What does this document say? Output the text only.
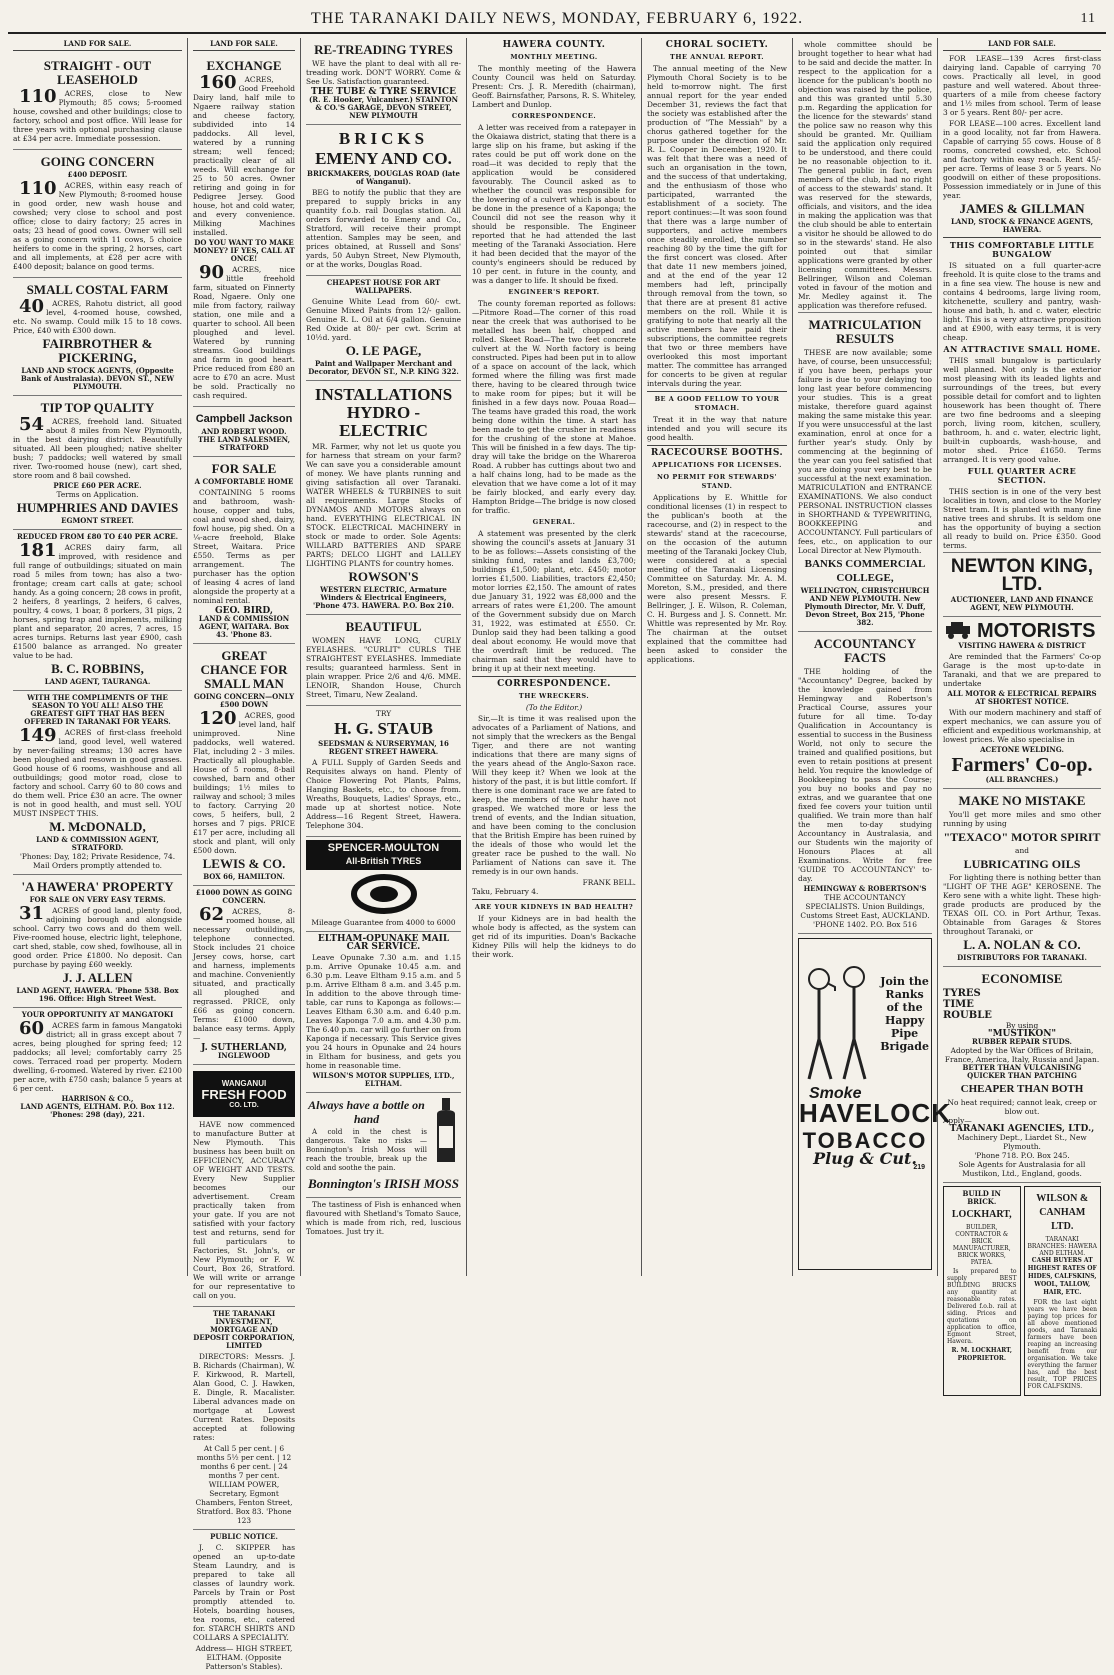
THE TARANAKI DAILY NEWS, MONDAY, FEBRUARY 6, 1922.	11
LAND FOR SALE.
STRAIGHT - OUT LEASEHOLD
110 ACRES, close to New Plymouth; 85 cows; 5-roomed house, cowshed and other buildings; close to factory, school and post office. Will lease for three years with optional purchasing clause at £34 per acre. Immediate possession.
GOING CONCERN
£400 DEPOSIT.
110 ACRES, within easy reach of New Plymouth; 8-roomed house in good order, new wash house and cowshed; very close to school and post office; close to dairy factory; 25 acres in oats; 23 head of good cows. Owner will sell as a going concern with 11 cows, 5 choice heifers to come in the spring, 2 horses, cart and all implements, at £28 per acre with £400 deposit; balance on good terms.
SMALL COSTAL FARM
40 ACRES, Rahotu district, all good level, 4-roomed house, cowshed, etc. No swamp. Could milk 15 to 18 cows. Price, £40 with £300 down.
FAIRBROTHER & PICKERING,
LAND AND STOCK AGENTS, (Opposite Bank of Australasia). DEVON ST., NEW PLYMOUTH.
TIP TOP QUALITY
54 ACRES, freehold land. Situated about 8 miles from New Plymouth, in the best dairying district. Beautifully situated. All been ploughed; native shelter bush; 7 paddocks; well watered by small river. Two-roomed house (new), cart shed, store room and 8 bail cowshed.
PRICE £60 PER ACRE.
Terms on Application.
HUMPHRIES AND DAVIES
EGMONT STREET.
REDUCED FROM £80 TO £40 PER ACRE.
181 ACRES dairy farm, all improved, with residence and full range of outbuildings; situated on main road 5 miles from town; has also a two-frontage; cream cart calls at gate; school handy. As a going concern; 28 cows in profit, 2 heifers, 8 yearlings, 2 heifers, 6 calves, poultry, 4 cows, 1 boar, 8 porkers, 31 pigs, 2 horses, spring trap and implements, milking plant and separator, 20 acres, 7 acres, 15 acres turnips. Returns last year £900, cash £1500 balance as arranged. No greater value to be had.
B. C. ROBBINS,
LAND AGENT, TAURANGA.
WITH THE COMPLIMENTS OF THE SEASON TO YOU ALL! ALSO THE GREATEST GIFT THAT HAS BEEN OFFERED IN TARANAKI FOR YEARS.
149 ACRES of first-class freehold land, good level, well watered by never-failing streams; 130 acres have been ploughed and resown in good grasses. Good house of 6 rooms, washhouse and all outbuildings; good motor road, close to factory and school. Carry 60 to 80 cows and do them well. Price £30 an acre. The owner is not in good health, and must sell. YOU MUST INSPECT THIS.
M. McDONALD,
LAND & COMMISSION AGENT, STRATFORD.
'Phones: Day, 182; Private Residence, 74. Mail Orders promptly attended to.
'A HAWERA' PROPERTY
FOR SALE ON VERY EASY TERMS.
31 ACRES of good land, plenty food, adjoining borough and alongside school. Carry two cows and do them well. Five-roomed house, electric light, telephone, cart shed, stable, cow shed, fowlhouse, all in good order. Price £1800. No deposit. Can purchase by paying £60 weekly.
J. J. ALLEN
LAND AGENT, HAWERA. 'Phone 538. Box 196. Office: High Street West.
YOUR OPPORTUNITY AT MANGATOKI
60 ACRES farm in famous Mangatoki district; all in grass except about 7 acres, being ploughed for spring feed; 12 paddocks; all level; comfortably carry 25 cows. Terraced road per property. Modern dwelling, 6-roomed. Watered by river. £2100 per acre, with £750 cash; balance 5 years at 6 per cent.
HARRISON & CO.,
LAND AGENTS, ELTHAM. P.O. Box 112. 'Phones: 298 (day), 221.
LAND FOR SALE.
EXCHANGE
160 ACRES, Good Freehold Dairy land, half mile to Ngaere railway station and cheese factory, subdivided into 14 paddocks. All level, watered by a running stream; well fenced; practically clear of all weeds. Will exchange for 25 to 50 acres. Owner retiring and going in for Pedigree Jersey. Good house, hot and cold water, and every convenience. Milking Machines installed.
DO YOU WANT TO MAKE MONEY? IF YES, CALL AT ONCE!
90 ACRES, nice little freehold farm, situated on Finnerty Road, Ngaere. Only one mile from factory, railway station, one mile and a quarter to school. All been ploughed and level. Watered by running streams. Good buildings and farm in good heart. Price reduced from £80 an acre to £70 an acre. Must be sold. Practically no cash required.
Campbell Jackson
AND ROBERT WOOD. THE LAND SALESMEN, STRATFORD
FOR SALE
A COMFORTABLE HOME
CONTAINING 5 rooms and bathroom, wash-house, copper and tubs, coal and wood shed, dairy, fowl house, pig shed. On a ¼-acre freehold, Blake Street, Waitara. Price £550. Terms as per arrangement. The purchaser has the option of leasing 4 acres of land alongside the property at a nominal rental.
GEO. BIRD,
LAND & COMMISSION AGENT, WAITARA. Box 43. 'Phone 83.
GREAT CHANCE FOR SMALL MAN
GOING CONCERN—ONLY £500 DOWN
120 ACRES, good level land, half unimproved. Nine paddocks, well watered. Flat, including 2 - 3 miles. Practically all ploughable. House of 5 rooms, 8-bail cowshed, barn and other buildings; 1½ miles to railway and school; 3 miles to factory. Carrying 20 cows, 5 heifers, bull, 2 horses and 7 pigs. PRICE £17 per acre, including all stock and plant, will only £500 down.
LEWIS & CO.
BOX 66, HAMILTON.
£1000 DOWN AS GOING CONCERN.
62 ACRES, 8-roomed house, all necessary outbuildings, telephone connected. Stock includes 21 choice Jersey cows, horse, cart and harness, implements and machine. Conveniently situated, and practically all ploughed and regrassed. PRICE, only £66 as going concern. Terms: £1000 down, balance easy terms. Apply—
J. SUTHERLAND,
INGLEWOOD
WANGANUI
FRESH FOOD
CO. LTD.
HAVE now commenced to manufacture Butter at New Plymouth. This business has been built on EFFICIENCY, ACCURACY OF WEIGHT AND TESTS. Every New Supplier becomes our advertisement. Cream practically taken from your gate. If you are not satisfied with your factory test and returns, send for full particulars to Factories, St. John's, or New Plymouth; or F. W. Court, Box 26, Stratford. We will write or arrange for our representative to call on you.
THE TARANAKI INVESTMENT, MORTGAGE AND DEPOSIT CORPORATION, LIMITED
DIRECTORS: Messrs. J. B. Richards (Chairman), W. F. Kirkwood, R. Martell, Alan Good, C. J. Hawken, E. Dingle, R. Macalister. Liberal advances made on mortgage at Lowest Current Rates. Deposits accepted at following rates:
At Call 5 per cent. | 6 months 5½ per cent. | 12 months 6 per cent. | 24 months 7 per cent.
WILLIAM POWER, Secretary, Egmont Chambers, Fenton Street, Stratford. Box 83. 'Phone 123
PUBLIC NOTICE.
J. C. SKIPPER has opened an up-to-date Steam Laundry, and is prepared to take all classes of laundry work. Parcels by Train or Post promptly attended to. Hotels, boarding houses, tea rooms, etc., catered for. STARCH SHIRTS AND COLLARS A SPECIALITY.
Address— HIGH STREET, ELTHAM. (Opposite Patterson's Stables).
RE-TREADING TYRES
WE have the plant to deal with all re-treading work. DON'T WORRY. Come & See Us. Satisfaction guaranteed.
THE TUBE & TYRE SERVICE
(R. E. Hooker, Vulcaniser.) STAINTON & CO.'S GARAGE, DEVON STREET, NEW PLYMOUTH
BRICKS
EMENY AND CO.
BRICKMAKERS, DOUGLAS ROAD (late of Wanganui).
BEG to notify the public that they are prepared to supply bricks in any quantity f.o.b. rail Douglas station. All orders forwarded to Emeny and Co., Stratford, will receive their prompt attention. Samples may be seen, and prices obtained, at Russell and Sons' yards, 50 Aubyn Street, New Plymouth, or at the works, Douglas Road.
CHEAPEST HOUSE FOR ART WALLPAPERS.
Genuine White Lead from 60/- cwt. Genuine Mixed Paints from 12/- gallon. Genuine R. L. Oil at 6/4 gallon. Genuine Red Oxide at 80/- per cwt. Scrim at 10½d. yard.
O. LE PAGE,
Paint and Wallpaper Merchant and Decorator, DEVON ST., N.P. KING 322.
INSTALLATIONS HYDRO - ELECTRIC
MR. Farmer, why not let us quote you for harness that stream on your farm? We can save you a considerable amount of money. We have plants running and giving satisfaction all over Taranaki. WATER WHEELS & TURBINES to suit all requirements. Large Stocks of DYNAMOS AND MOTORS always on hand. EVERYTHING ELECTRICAL IN STOCK. ELECTRICAL MACHINERY in stock or made to order. Sole Agents: WILLARD BATTERIES AND SPARE PARTS; DELCO LIGHT and LALLEY LIGHTING PLANTS for country homes.
ROWSON'S
WESTERN ELECTRIC, Armature Winders & Electrical Engineers, 'Phone 473. HAWERA. P.O. Box 210.
BEAUTIFUL
WOMEN HAVE LONG, CURLY EYELASHES. "CURLIT" CURLS THE STRAIGHTEST EYELASHES. Immediate results; guaranteed harmless. Sent in plain wrapper. Price 2/6 and 4/6. MME. LENOIR, Shandon House, Church Street, Timaru, New Zealand.
TRY
H. G. STAUB
SEEDSMAN & NURSERYMAN, 16 REGENT STREET HAWERA.
A FULL Supply of Garden Seeds and Requisites always on hand. Plenty of Choice Flowering Pot Plants, Palms, Hanging Baskets, etc., to choose from. Wreaths, Bouquets, Ladies' Sprays, etc., made up at shortest notice. Note Address—16 Regent Street, Hawera. Telephone 304.
SPENCER-MOULTON
All-British TYRES
Mileage Guarantee from 4000 to 6000
ELTHAM-OPUNAKE MAIL CAR SERVICE.
Leave Opunake 7.30 a.m. and 1.15 p.m. Arrive Opunake 10.45 a.m. and 6.30 p.m. Leave Eltham 9.15 a.m. and 5 p.m. Arrive Eltham 8 a.m. and 3.45 p.m. In addition to the above through time-table, car runs to Kaponga as follows:— Leaves Eltham 6.30 a.m. and 6.40 p.m. Leaves Kaponga 7.0 a.m. and 4.30 p.m. The 6.40 p.m. car will go further on from Kaponga if necessary. This Service gives you 24 hours in Opunake and 24 hours in Eltham for business, and gets you home in reasonable time.
WILSON'S MOTOR SUPPLIES, LTD., ELTHAM.
Always have a bottle on hand
A cold in the chest is dangerous. Take no risks — Bonnington's Irish Moss will reach the trouble, break up the cold and soothe the pain.
Bonnington's IRISH MOSS
The tastiness of Fish is enhanced when flavoured with Shetland's Tomato Sauce, which is made from rich, red, luscious Tomatoes. Just try it.
HAWERA COUNTY.
MONTHLY MEETING.
The monthly meeting of the Hawera County Council was held on Saturday. Present: Crs. J. R. Meredith (chairman), Geoff. Bairnsfather, Parsons, R. S. Whiteley, Lambert and Dunlop.
CORRESPONDENCE.
A letter was received from a ratepayer in the Okaiawa district, stating that there is a large slip on his frame, but asking if the rates could be put off work done on the road—it was decided to reply that the application would be considered favourably. The Council asked as to whether the council was responsible for the lowering of a culvert which is about to be done in the presence of a Kaponga; the Council did not see the reason why it should be responsible. The Engineer reported that he had attended the last meeting of the Taranaki Association. Here it had been decided that the mayor of the county's engineers should be reduced by 10 per cent. in future in the county, and was a danger to life. It should be fixed.
ENGINEER'S REPORT.
The county foreman reported as follows:—Pitmore Road—The corner of this road near the creek that was authorised to be metalled has been half, chopped and rolled. Skeet Road—The two feet concrete culvert at the W. North factory is being constructed. Pipes had been put in to allow of a space on account of the lack, which formed where the filling was first made there, having to be cleared through twice to make room for pipes; but it will be finished in a few days now. Pouaa Road—The teams have graded this road, the work being done within the time. A start has been made to get the crusher in readiness for the crushing of the stone at Mahoe. This will be finished in a few days. The tip-dray will take the bridge on the Whareroa Road. A rubber has cuttings about two and a half chains long, had to be made as the elevation that we have come a lot of it may be fairly blocked, and early every day. Hampton Bridge—The bridge is now closed for traffic.
GENERAL.
A statement was presented by the clerk showing the council's assets at January 31 to be as follows:—Assets consisting of the sinking fund, rates and lands £3,700; buildings £1,500; plant, etc. £450; motor lorries £1,500. Liabilities, tractors £2,450; motor lorries £2,150. The amount of rates due January 31, 1922 was £8,000 and the arrears of rates were £1,200. The amount of the Government subsidy due on March 31, 1922, was estimated at £550. Cr. Dunlop said they had been talking a good deal about economy. He would move that the overdraft limit be reduced. The chairman said that they would have to bring it up at their next meeting.
CORRESPONDENCE.
THE WRECKERS.
(To the Editor.)
Sir,—It is time it was realised upon the advocates of a Parliament of Nations, and not simply that the wreckers as the Bengal Tiger, and there are not wanting indications that there are many signs of the years ahead of the Anglo-Saxon race. Will they keep it? When we look at the history of the past, it is but little comfort. If there is one dominant race we are fated to keep, the members of the Ruhr have not grasped. We watched more or less the trend of events, and the Indian situation, and have been coming to the conclusion that the British Empire has been ruined by the ideals of those who would let the greater race be pushed to the wall. No Parliament of Nations can save it. The remedy is in our own hands.
FRANK BELL.
Taku, February 4.
ARE YOUR KIDNEYS IN BAD HEALTH?
If your Kidneys are in bad health the whole body is affected, as the system can get rid of its impurities. Doan's Backache Kidney Pills will help the kidneys to do their work.
CHORAL SOCIETY.
THE ANNUAL REPORT.
The annual meeting of the New Plymouth Choral Society is to be held to-morrow night. The first annual report for the year ended December 31, reviews the fact that the society was established after the production of "The Messiah" by a chorus gathered together for the purpose under the direction of Mr. R. L. Cooper in December, 1920. It was felt that there was a need of such an organisation in the town, and the success of that undertaking, and the enthusiasm of those who participated, warranted the establishment of a society. The report continues:—It was soon found that there was a large number of supporters, and active members once steadily enrolled, the number reaching 80 by the time the gift for the first concert was closed. After that date 11 new members joined, and at the end of the year 12 members had left, principally through removal from the town, so that there are at present 81 active members on the roll. While it is gratifying to note that nearly all the active members have paid their subscriptions, the committee regrets that two or three members have overlooked this most important matter. The committee has arranged for concerts to be given at regular intervals during the year.
BE A GOOD FELLOW TO YOUR STOMACH.
Treat it in the way that nature intended and you will secure its good health.
RACECOURSE BOOTHS.
APPLICATIONS FOR LICENSES.
NO PERMIT FOR STEWARDS' STAND.
Applications by E. Whittle for conditional licenses (1) in respect to the publican's booth at the racecourse, and (2) in respect to the stewards' stand at the racecourse, on the occasion of the autumn meeting of the Taranaki Jockey Club, were considered at a special meeting of the Taranaki Licensing Committee on Saturday. Mr. A. M. Moreton, S.M., presided, and there were also present Messrs. F. Bellringer, J. E. Wilson, R. Coleman, C. H. Burgess and J. S. Connett. Mr. Whittle was represented by Mr. Roy. The chairman at the outset explained that the committee had been asked to consider the applications.
whole committee should be brought together to hear what had to be said and decide the matter. In respect to the application for a licence for the publican's booth no objection was raised by the police, and this was granted until 5.30 p.m. Regarding the application for the licence for the stewards' stand the police saw no reason why this should be granted. Mr. Quilliam said the application only required to be understood, and there could be no reasonable objection to it. The general public in fact, even members of the club, had no right of access to the stewards' stand. It was reserved for the stewards, officials, and visitors, and the idea in making the application was that the club should be able to entertain a visitor he should be allowed to do so in the stewards' stand. He also pointed out that similar applications were granted by other licensing committees. Messrs. Bellringer, Wilson and Coleman voted in favour of the motion and Mr. Medley against it. The application was therefore refused.
MATRICULATION RESULTS
THESE are now available; some have, of course, been unsuccessful; if you have been, perhaps your failure is due to your delaying too long last year before commencing your studies. This is a great mistake, therefore guard against making the same mistake this year. If you were unsuccessful at the last examination, enrol at once for a further year's study. Only by commencing at the beginning of the year can you feel satisfied that you are doing your very best to be successful at the next examination. MATRICULATION and ENTRANCE EXAMINATIONS. We also conduct PERSONAL INSTRUCTION classes in SHORTHAND & TYPEWRITING, BOOKKEEPING and ACCOUNTANCY. Full particulars of fees, etc., on application to our Local Director at New Plymouth.
BANKS COMMERCIAL COLLEGE,
WELLINGTON, CHRISTCHURCH AND NEW PLYMOUTH. New Plymouth Director, Mr. V. Duff, Devon Street, Box 215, 'Phone 382.
ACCOUNTANCY FACTS
THE holding of the "Accountancy" Degree, backed by the knowledge gained from Hemingway and Robertson's Practical Course, assures your future for all time. To-day Qualification in Accountancy is essential to success in the Business World, not only to secure the trained and qualified positions, but even to retain positions at present held. You require the knowledge of Bookkeeping to pass the Course; you buy no books and pay no extras, and we guarantee that one fixed fee covers your tuition until qualified. We train more than half the men to-day studying Accountancy in Australasia, and our Students win the majority of Honours Places at all Examinations. Write for free 'GUIDE TO ACCOUNTANCY' to-day.
HEMINGWAY & ROBERTSON'S
THE ACCOUNTANCY SPECIALISTS. Union Buildings, Customs Street East, AUCKLAND. 'PHONE 1402. P.O. Box 516
Join the Ranks of the Happy Pipe Brigade
Smoke
HAVELOCK
TOBACCO
Plug & Cut.
219
LAND FOR SALE.
FOR LEASE—139 Acres first-class dairying land. Capable of carrying 70 cows. Practically all level, in good pasture and well watered. About three-quarters of a mile from cheese factory and 1½ miles from school. Term of lease 3 or 5 years. Rent 80/- per acre.
FOR LEASE—100 acres. Excellent land in a good locality, not far from Hawera. Capable of carrying 55 cows. House of 8 rooms, concreted cowshed, etc. School and factory within easy reach. Rent 45/- per acre. Terms of lease 3 or 5 years. No goodwill on either of these propositions. Possession immediately or in June of this year.
JAMES & GILLMAN
LAND, STOCK & FINANCE AGENTS, HAWERA.
THIS COMFORTABLE LITTLE BUNGALOW
IS situated on a full quarter-acre freehold. It is quite close to the trams and in a fine sea view. The house is new and contains 4 bedrooms, large living room, kitchenette, scullery and pantry, wash-house and bath, h. and c. water, electric light. This is a very attractive proposition and at £900, with easy terms, it is very cheap.
AN ATTRACTIVE SMALL HOME.
THIS small bungalow is particularly well planned. Not only is the exterior most pleasing with its leaded lights and surroundings of the trees, but every possible detail for comfort and to lighten housework has been thought of. There are two fine bedrooms and a sleeping porch, living room, kitchen, scullery, bathroom, h. and c. water, electric light, built-in cupboards, wash-house, and motor shed. Price £1650. Terms arranged. It is very good value.
FULL QUARTER ACRE SECTION.
THIS section is in one of the very best localities in town, and close to the Morley Street tram. It is planted with many fine native trees and shrubs. It is seldom one has the opportunity of buying a section all ready to build on. Price £350. Good terms.
NEWTON KING, LTD.
AUCTIONEER, LAND AND FINANCE AGENT, NEW PLYMOUTH.
MOTORISTS
VISITING HAWERA & DISTRICT
Are reminded that the Farmers' Co-op Garage is the most up-to-date in Taranaki, and that we are prepared to undertake
ALL MOTOR & ELECTRICAL REPAIRS AT SHORTEST NOTICE.
With our modern machinery and staff of expert mechanics, we can assure you of efficient and expeditious workmanship, at lowest prices. We also specialise in
ACETONE WELDING.
Farmers' Co-op.
(ALL BRANCHES.)
MAKE NO MISTAKE
You'll get more miles and smo other running by using
"TEXACO" MOTOR SPIRIT
and
LUBRICATING OILS
For lighting there is nothing better than "LIGHT OF THE AGE" KEROSENE. The Kero sene with a white light. These high-grade products are produced by the TEXAS OIL CO. in Port Arthur, Texas. Obtainable from Garages & Stores throughout Taranaki, or
L. A. NOLAN & CO.
DISTRIBUTORS FOR TARANAKI.
ECONOMISE
TYRES TIME ROUBLE
By using
"MUSTIKON"
RUBBER REPAIR STUDS.
Adopted by the War Offices of Britain, France, America, Italy, Russia and Japan.
BETTER THAN VULCANISING QUICKER THAN PATCHING
CHEAPER THAN BOTH
No heat required; cannot leak, creep or blow out.
Apply—
TARANAKI AGENCIES, LTD.,
Machinery Dept., Liardet St., New Plymouth.
'Phone 718. P.O. Box 245.
Sole Agents for Australasia for all Mustikon, Ltd., England, goods.
BUILD IN BRICK.
LOCKHART,
BUILDER, CONTRACTOR & BRICK MANUFACTURER, BRICK WORKS, PATEA.
Is prepared to supply BEST BUILDING BRICKS any quantity at reasonable rates. Delivered f.o.b. rail at siding. Prices and quotations on application to office, Egmont Street, Hawera.
R. M. LOCKHART, PROPRIETOR.
WILSON & CANHAM LTD.
TARANAKI BRANCHES: HAWERA AND ELTHAM.
CASH BUYERS AT HIGHEST RATES OF HIDES, CALFSKINS, WOOL, TALLOW, HAIR, ETC.
FOR the last eight years we have been paying top prices for all above mentioned goods, and Taranaki farmers have been reaping an increasing benefit from our organisation. We take everything the farmer has, and the best result, TOP PRICES FOR CALFSKINS.
